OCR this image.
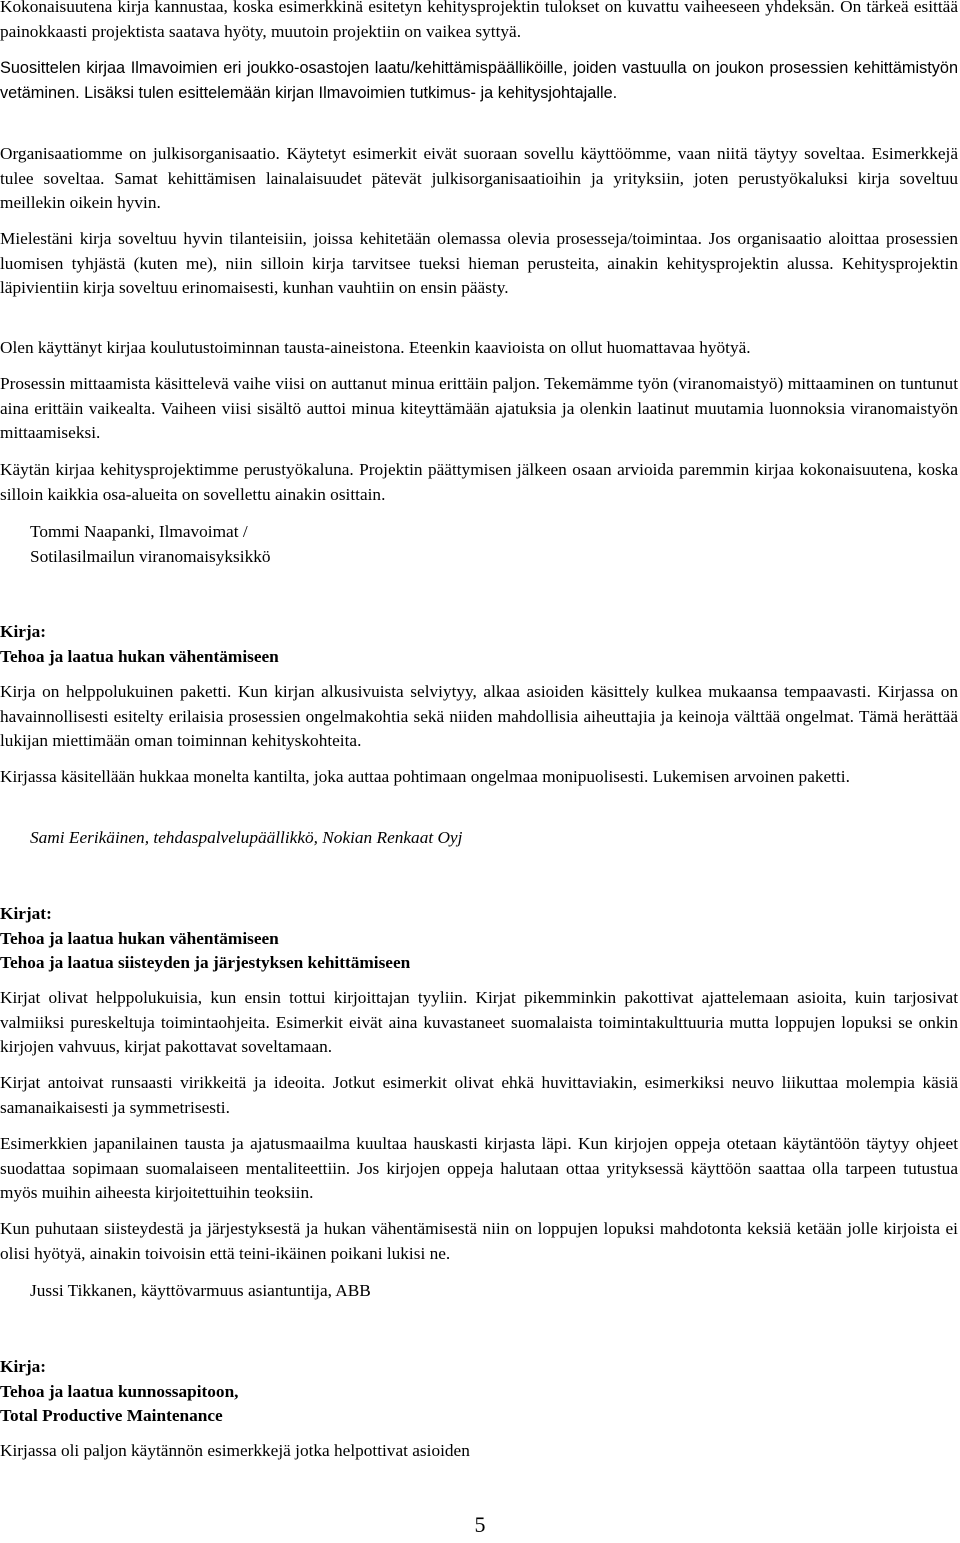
Kokonaisuutena kirja kannustaa, koska esimerkkinä esitetyn kehitysprojektin tulokset on kuvattu vaiheeseen yhdeksän. On tärkeä esittää painokkaasti projektista saatava hyöty, muutoin projektiin on vaikea syttyä.

Suosittelen kirjaa Ilmavoimien eri joukko-osastojen laatu/kehittämispäälliköille, joiden vastuulla on joukon prosessien kehittämistyön vetäminen. Lisäksi tulen esittelemään kirjan Ilmavoimien tutkimus- ja kehitysjohtajalle.

Organisaatiomme on julkisorganisaatio. Käytetyt esimerkit eivät suoraan sovellu käyttöömme, vaan niitä täytyy soveltaa. Esimerkkejä tulee soveltaa. Samat kehittämisen lainalaisuudet pätevät julkisorganisaatioihin ja yrityksiin, joten perustyökaluksi kirja soveltuu meillekin oikein hyvin.

Mielestäni kirja soveltuu hyvin tilanteisiin, joissa kehitetään olemassa olevia prosesseja/toimintaa. Jos organisaatio aloittaa prosessien luomisen tyhjästä (kuten me), niin silloin kirja tarvitsee tueksi hieman perusteita, ainakin kehitysprojektin alussa. Kehitysprojektin läpivientiin kirja soveltuu erinomaisesti, kunhan vauhtiin on ensin päästy.

Olen käyttänyt kirjaa koulutustoiminnan tausta-aineistona. Eteenkin kaavioista on ollut huomattavaa hyötyä.

Prosessin mittaamista käsittelevä vaihe viisi on auttanut minua erittäin paljon. Tekemämme työn (viranomaistyö) mittaaminen on tuntunut aina erittäin vaikealta. Vaiheen viisi sisältö auttoi minua kiteyttämään ajatuksia ja olenkin laatinut muutamia luonnoksia viranomaistyön mittaamiseksi.

Käytän kirjaa kehitysprojektimme perustyökaluna. Projektin päättymisen jälkeen osaan arvioida paremmin kirjaa kokonaisuutena, koska silloin kaikkia osa-alueita on sovellettu ainakin osittain.

Tommi Naapanki, Ilmavoimat /
Sotilasilmailun viranomaisyksikkö
Kirja:
Tehoa ja laatua hukan vähentämiseen

Kirja on helppolukuinen paketti. Kun kirjan alkusivuista selviytyy, alkaa asioiden käsittely kulkea mukaansa tempaavasti. Kirjassa on havainnollisesti esitelty erilaisia prosessien ongelmakohtia sekä niiden mahdollisia aiheuttajia ja keinoja välttää ongelmat. Tämä herättää lukijan miettimään oman toiminnan kehityskohteita.

Kirjassa käsitellään hukkaa monelta kantilta, joka auttaa pohtimaan ongelmaa monipuolisesti. Lukemisen arvoinen paketti.

Sami Eerikäinen, tehdaspalvelupäällikkö, Nokian Renkaat Oyj
Kirjat:
Tehoa ja laatua hukan vähentämiseen
Tehoa ja laatua siisteyden ja järjestyksen kehittämiseen

Kirjat olivat helppolukuisia, kun ensin tottui kirjoittajan tyyliin. Kirjat pikemminkin pakottivat ajattelemaan asioita, kuin tarjosivat valmiiksi pureskeltuja toimintaohjeita. Esimerkit eivät aina kuvastaneet suomalaista toimintakulttuuria mutta loppujen lopuksi se onkin kirjojen vahvuus, kirjat pakottavat soveltamaan.

Kirjat antoivat runsaasti virikkeitä ja ideoita. Jotkut esimerkit olivat ehkä huvittaviakin, esimerkiksi neuvo liikuttaa molempia käsiä samanaikaisesti ja symmetrisesti.

Esimerkkien japanilainen tausta ja ajatusmaailma kuultaa hauskasti kirjasta läpi. Kun kirjojen oppeja otetaan käytäntöön täytyy ohjeet suodattaa sopimaan suomalaiseen mentaliteettiin. Jos kirjojen oppeja halutaan ottaa yrityksessä käyttöön saattaa olla tarpeen tutustua myös muihin aiheesta kirjoitettuihin teoksiin.

Kun puhutaan siisteydestä ja järjestyksestä ja hukan vähentämisestä niin on loppujen lopuksi mahdotonta keksiä ketään jolle kirjoista ei olisi hyötyä, ainakin toivoisin että teini-ikäinen poikani lukisi ne.

Jussi Tikkanen, käyttövarmuus asiantuntija, ABB
Kirja:
Tehoa ja laatua kunnossapitoon,
Total Productive Maintenance

Kirjassa oli paljon käytännön esimerkkejä jotka helpottivat asioiden

5
